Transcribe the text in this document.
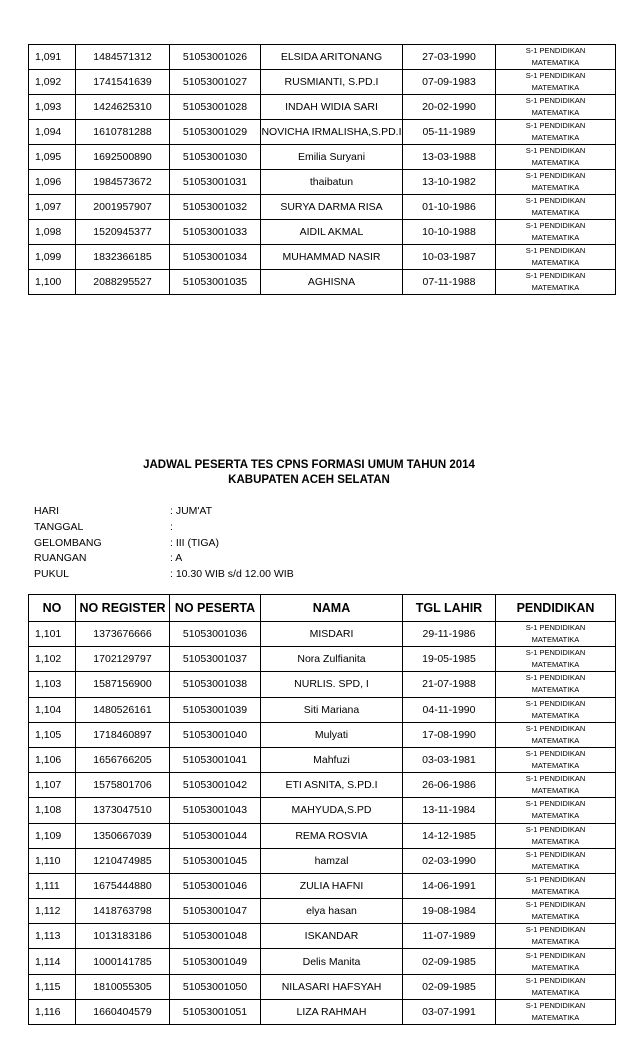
1,091	1484571312	51053001026	ELSIDA ARITONANG	27-03-1990	S-1 PENDIDIKAN
MATEMATIKA

1,092	1741541639	51053001027	RUSMIANTI, S.PD.I	07-09-1983	S-1 PENDIDIKAN
MATEMATIKA

1,093	1424625310	51053001028	INDAH WIDIA SARI	20-02-1990	S-1 PENDIDIKAN
MATEMATIKA

1,094	1610781288	51053001029	NOVICHA IRMALISHA,S.PD.I	05-11-1989	S-1 PENDIDIKAN
MATEMATIKA

1,095	1692500890	51053001030	Emilia Suryani	13-03-1988	S-1 PENDIDIKAN
MATEMATIKA

1,096	1984573672	51053001031	thaibatun	13-10-1982	S-1 PENDIDIKAN
MATEMATIKA

1,097	2001957907	51053001032	SURYA DARMA RISA	01-10-1986	S-1 PENDIDIKAN
MATEMATIKA

1,098	1520945377	51053001033	AIDIL AKMAL	10-10-1988	S-1 PENDIDIKAN
MATEMATIKA

1,099	1832366185	51053001034	MUHAMMAD NASIR	10-03-1987	S-1 PENDIDIKAN
MATEMATIKA

1,100	2088295527	51053001035	AGHISNA	07-11-1988	S-1 PENDIDIKAN
MATEMATIKA
JADWAL PESERTA TES CPNS FORMASI UMUM TAHUN 2014
KABUPATEN ACEH SELATAN
HARI	: JUM'AT
TANGGAL	:
GELOMBANG	: III (TIGA)
RUANGAN	: A
PUKUL	: 10.30 WIB s/d 12.00 WIB
NO	NO REGISTER	NO PESERTA	NAMA	TGL LAHIR	PENDIDIKAN
1,101	1373676666	51053001036	MISDARI	29-11-1986	S-1 PENDIDIKAN
MATEMATIKA

1,102	1702129797	51053001037	Nora Zulfianita	19-05-1985	S-1 PENDIDIKAN
MATEMATIKA

1,103	1587156900	51053001038	NURLIS. SPD, I	21-07-1988	S-1 PENDIDIKAN
MATEMATIKA

1,104	1480526161	51053001039	Siti Mariana	04-11-1990	S-1 PENDIDIKAN
MATEMATIKA

1,105	1718460897	51053001040	Mulyati	17-08-1990	S-1 PENDIDIKAN
MATEMATIKA

1,106	1656766205	51053001041	Mahfuzi	03-03-1981	S-1 PENDIDIKAN
MATEMATIKA

1,107	1575801706	51053001042	ETI ASNITA, S.PD.I	26-06-1986	S-1 PENDIDIKAN
MATEMATIKA

1,108	1373047510	51053001043	MAHYUDA,S.PD	13-11-1984	S-1 PENDIDIKAN
MATEMATIKA

1,109	1350667039	51053001044	REMA ROSVIA	14-12-1985	S-1 PENDIDIKAN
MATEMATIKA

1,110	1210474985	51053001045	hamzal	02-03-1990	S-1 PENDIDIKAN
MATEMATIKA

1,111	1675444880	51053001046	ZULIA HAFNI	14-06-1991	S-1 PENDIDIKAN
MATEMATIKA

1,112	1418763798	51053001047	elya hasan	19-08-1984	S-1 PENDIDIKAN
MATEMATIKA

1,113	1013183186	51053001048	ISKANDAR	11-07-1989	S-1 PENDIDIKAN
MATEMATIKA

1,114	1000141785	51053001049	Delis Manita	02-09-1985	S-1 PENDIDIKAN
MATEMATIKA

1,115	1810055305	51053001050	NILASARI HAFSYAH	02-09-1985	S-1 PENDIDIKAN
MATEMATIKA

1,116	1660404579	51053001051	LIZA RAHMAH	03-07-1991	S-1 PENDIDIKAN
MATEMATIKA
